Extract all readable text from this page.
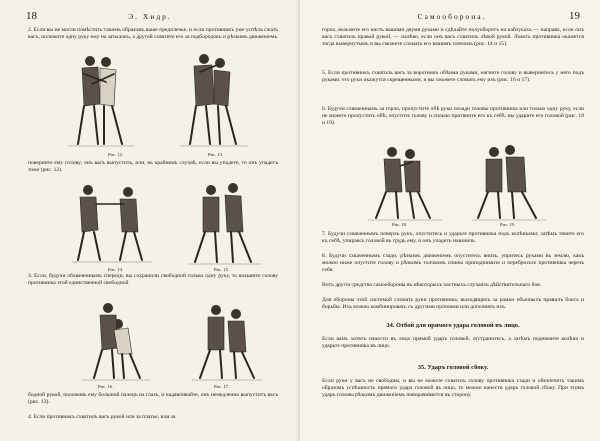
18	Э. Хидр.
2. Если вы не могли помѣстить такимъ образомъ ваше предплечье, и если противникъ уже успѣлъ сжать васъ, положите одну руку ему на затылокъ, а другой схватите его за подбородокъ и рѣзкимъ движеніемъ
Рис. 12.	Рис. 13.
поверните ему голову; онъ васъ выпуститъ, или, въ крайнемъ случаѣ, если вы упадете, то онъ упадетъ тоже (рис. 12).
Рис. 14.	Рис. 15.
3. Если, будучи обхваченнымъ спереди, вы сохранили свободной только одну руку, то возьмите голову противника этой единственной свободной
Рис. 16.	Рис. 17.
бодной рукой, положивъ ему большой палецъ на глазъ, и надавливайте, онъ немедленно выпуститъ васъ (рис. 13).
4. Если противникъ схватилъ васъ рукой или за платье, или за
Самооборона.	19
горло, возьмите его кисть вашими двумя руками и сдѣлайте полуоборотъ на каблукахъ — направо, если онъ васъ схватилъ правой рукой, — налѣво, если онъ васъ схватилъ лѣвой рукой. Локоть противника окажется тогда вывернутымъ и вы сможете сломать его вашимъ плечомъ (рис. 14 и 15).
5. Если противникъ схватилъ васъ за воротникъ обѣими руками, нагните голову и вывернитесь у него подъ руками: его руки окажутся скрещенными, и вы сможете сломать ему ихъ (рис. 16 и 17).
6. Будучи схваченнымъ за горло, пропустите обѣ руки позади головы противника или только одну руку, если не можете пропустить обѣ; опустите голову и сильно притяните его къ себѣ: вы ударите его головой (рис. 18 и 19).
Рис. 18.	Рис. 19.
7. Будучи схваченнымъ поверхъ рукъ, опуститесь и ударьте противника подъ колѣнками; затѣмъ тяните его къ себѣ, упираясь головой въ грудь ему, и онъ упадетъ навзничь.
8. Будучи схваченнымъ сзади, рѣзкимъ движеніемъ опуститесь внизъ, упритесь руками въ землю, какъ можно ниже опустите голову и рѣзкимъ толчкомъ спины приподнимите и перебросьте противника черезъ себя.
Вотъ другія средства самообороны въ нѣкоторыхъ частныхъ случаяхъ дѣйствительнаго боя.
Для обороны этой системой сломать руки противника, выходящихъ за рамки обычныхъ правилъ бокса и борьбы. Ихъ можно комбинировать съ другими пріемами или дополнять ихъ.
34. Отбой для прямого удара головой въ лицо.
Если вамъ хотятъ нанести въ лицо прямой ударъ головой, отстранитесь, а затѣмъ поднимите колѣно и ударьте противника въ лицо.
35. Ударъ головой сбоку.
Если руки у васъ не свободны, и вы не можете схватить голову противника сзади и обезпечить такимъ образомъ успѣшность прямого удара головой въ лицо, то можно нанести ударъ головой сбоку. При этомъ ударъ головы рѣзкимъ движеніемъ поворачивается въ сторону.
